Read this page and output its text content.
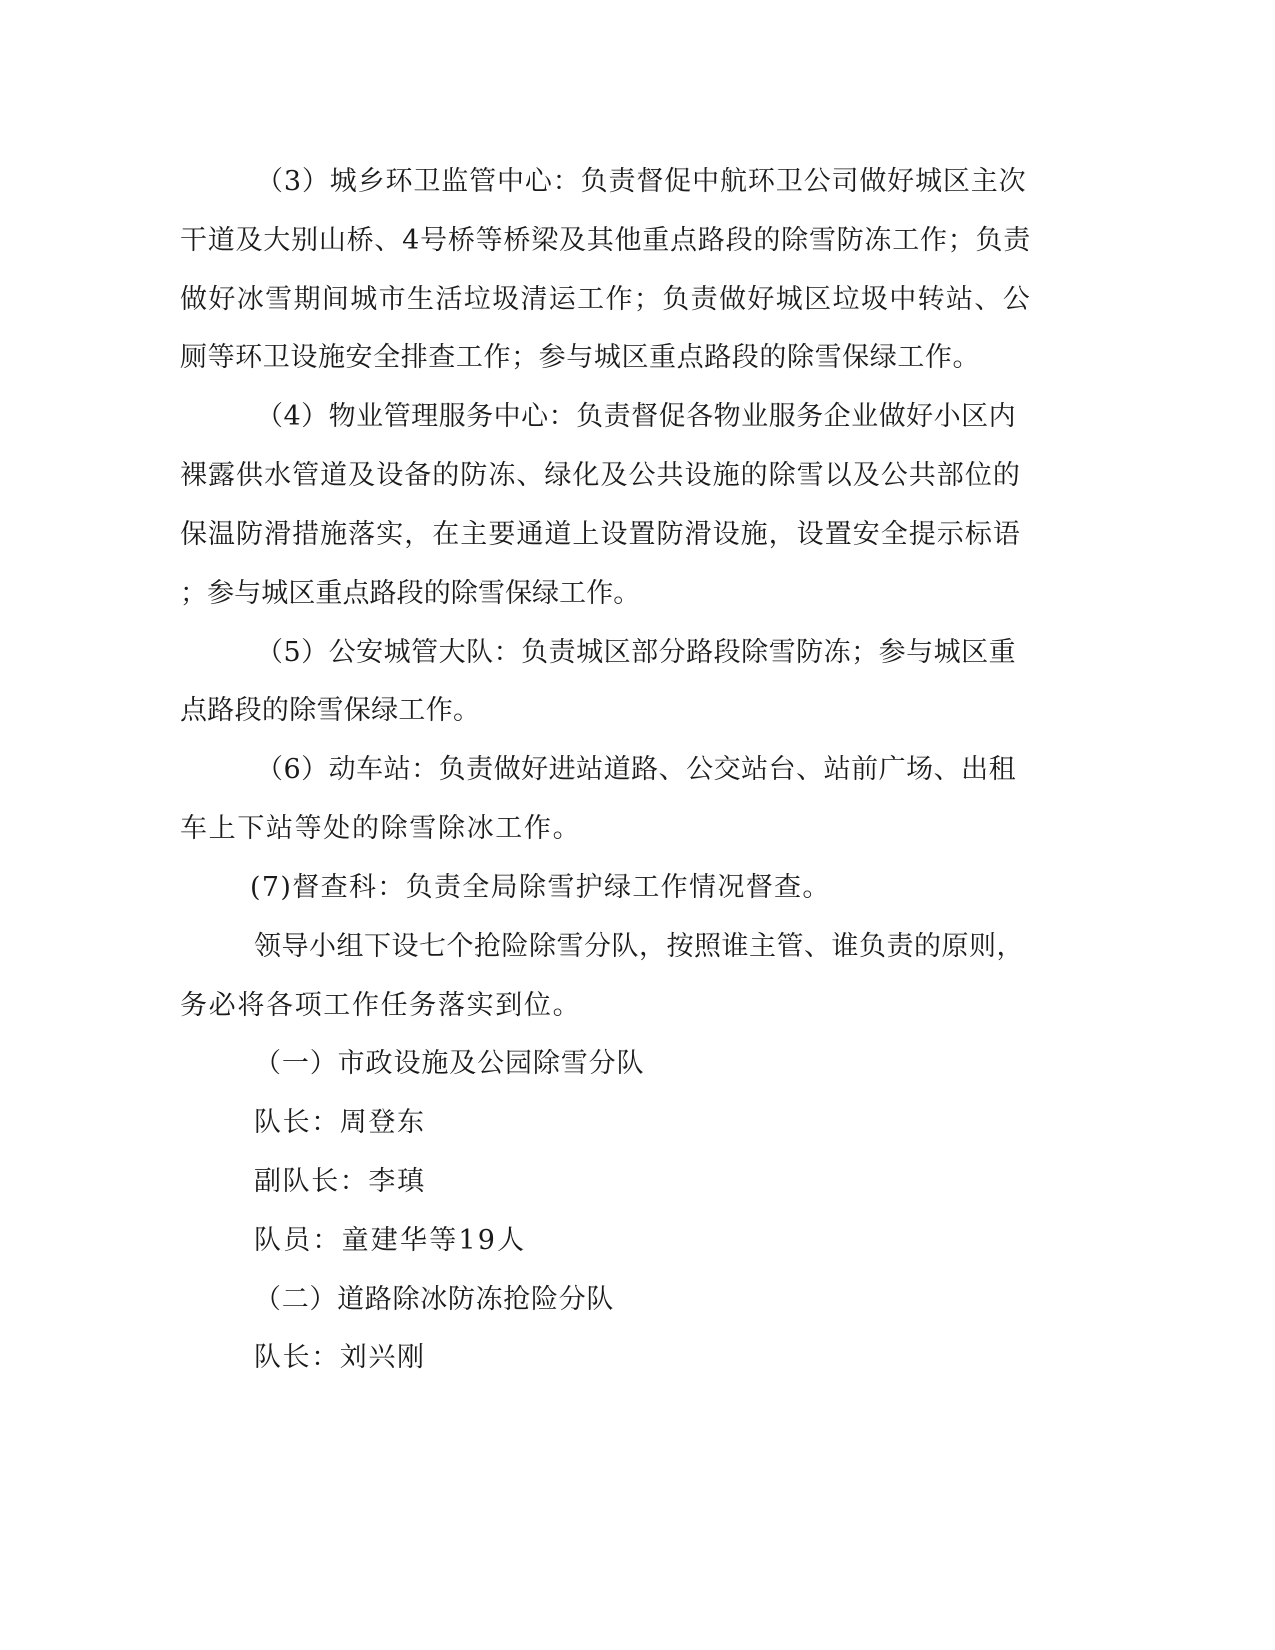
（3）城乡环卫监管中心：负责督促中航环卫公司做好城区主次
干道及大别山桥、4号桥等桥梁及其他重点路段的除雪防冻工作；负责
做好冰雪期间城市生活垃圾清运工作；负责做好城区垃圾中转站、公
厕等环卫设施安全排查工作；参与城区重点路段的除雪保绿工作。
（4）物业管理服务中心：负责督促各物业服务企业做好小区内
裸露供水管道及设备的防冻、绿化及公共设施的除雪以及公共部位的
保温防滑措施落实，在主要通道上设置防滑设施，设置安全提示标语
；参与城区重点路段的除雪保绿工作。
（5）公安城管大队：负责城区部分路段除雪防冻；参与城区重
点路段的除雪保绿工作。
（6）动车站：负责做好进站道路、公交站台、站前广场、出租
车上下站等处的除雪除冰工作。
(7)督查科：负责全局除雪护绿工作情况督查。
领导小组下设七个抢险除雪分队，按照谁主管、谁负责的原则，
务必将各项工作任务落实到位。
（一）市政设施及公园除雪分队
队长：周登东
副队长：李瑱
队员：童建华等19人
（二）道路除冰防冻抢险分队
队长：刘兴刚
